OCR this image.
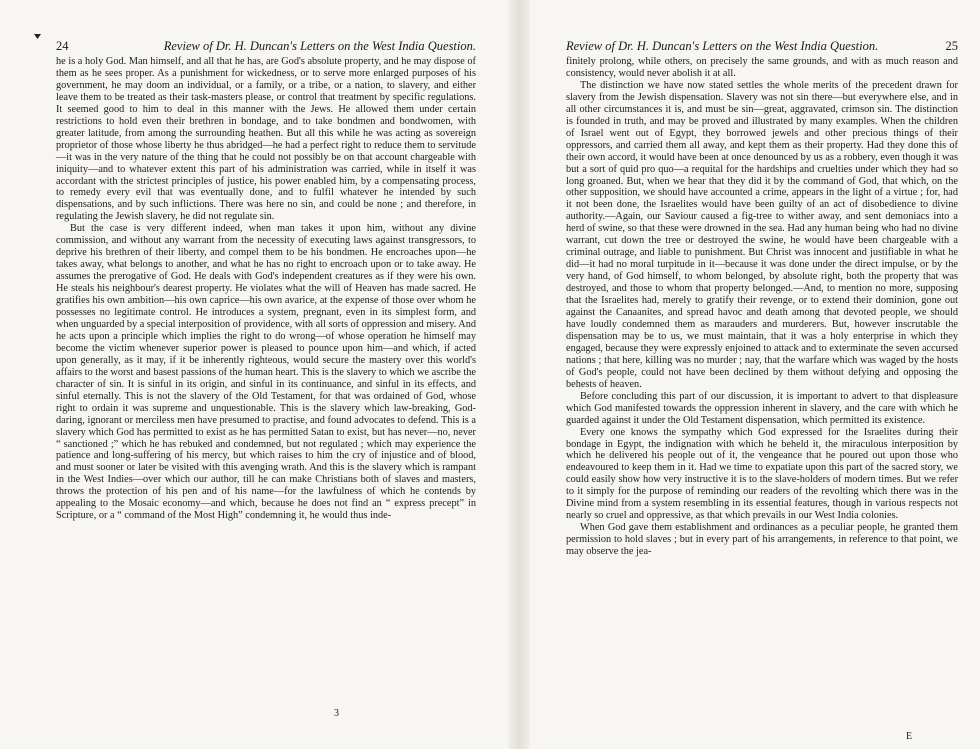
24	Review of Dr. H. Duncan's Letters on the West India Question.

he is a holy God. Man himself, and all that he has, are God's absolute property, and he may dispose of them as he sees proper. As a punishment for wickedness, or to serve more enlarged purposes of his government, he may doom an individual, or a family, or a tribe, or a nation, to slavery, and either leave them to be treated as their task-masters please, or control that treatment by specific regulations. It seemed good to him to deal in this manner with the Jews. He allowed them under certain restrictions to hold even their brethren in bondage, and to take bondmen and bondwomen, with greater latitude, from among the surrounding heathen. But all this while he was acting as sovereign proprietor of those whose liberty he thus abridged—he had a perfect right to reduce them to servitude—it was in the very nature of the thing that he could not possibly be on that account chargeable with iniquity—and to whatever extent this part of his administration was carried, while in itself it was accordant with the strictest principles of justice, his power enabled him, by a compensating process, to remedy every evil that was eventually done, and to fulfil whatever he intended by such dispensations, and by such inflictions. There was here no sin, and could be none ; and therefore, in regulating the Jewish slavery, he did not regulate sin.

But the case is very different indeed, when man takes it upon him, without any divine commission, and without any warrant from the necessity of executing laws against transgressors, to deprive his brethren of their liberty, and compel them to be his bondmen. He encroaches upon—he takes away, what belongs to another, and what he has no right to encroach upon or to take away. He assumes the prerogative of God. He deals with God's independent creatures as if they were his own. He steals his neighbour's dearest property. He violates what the will of Heaven has made sacred. He gratifies his own ambition—his own caprice—his own avarice, at the expense of those over whom he possesses no legitimate control. He introduces a system, pregnant, even in its simplest form, and when unguarded by a special interposition of providence, with all sorts of oppression and misery. And he acts upon a principle which implies the right to do wrong—of whose operation he himself may become the victim whenever superior power is pleased to pounce upon him—and which, if acted upon generally, as it may, if it be inherently righteous, would secure the mastery over this world's affairs to the worst and basest passions of the human heart. This is the slavery to which we ascribe the character of sin. It is sinful in its origin, and sinful in its continuance, and sinful in its effects, and sinful eternally. This is not the slavery of the Old Testament, for that was ordained of God, whose right to ordain it was supreme and unquestionable. This is the slavery which law-breaking, God-daring, ignorant or merciless men have presumed to practise, and found advocates to defend. This is a slavery which God has permitted to exist as he has permitted Satan to exist, but has never—no, never “ sanctioned ;” which he has rebuked and condemned, but not regulated ; which may experience the patience and long-suffering of his mercy, but which raises to him the cry of injustice and of blood, and must sooner or later be visited with this avenging wrath. And this is the slavery which is rampant in the West Indies—over which our author, till he can make Christians both of slaves and masters, throws the protection of his pen and of his name—for the lawfulness of which he contends by appealing to the Mosaic economy—and which, because he does not find an “ express precept” in Scripture, or a “ command of the Most High” condemning it, he would thus inde-

3
Review of Dr. H. Duncan's Letters on the West India Question.	25

finitely prolong, while others, on precisely the same grounds, and with as much reason and consistency, would never abolish it at all.

The distinction we have now stated settles the whole merits of the precedent drawn for slavery from the Jewish dispensation. Slavery was not sin there—but everywhere else, and in all other circumstances it is, and must be sin—great, aggravated, crimson sin. The distinction is founded in truth, and may be proved and illustrated by many examples. When the children of Israel went out of Egypt, they borrowed jewels and other precious things of their oppressors, and carried them all away, and kept them as their property. Had they done this of their own accord, it would have been at once denounced by us as a robbery, even though it was but a sort of quid pro quo—a requital for the hardships and cruelties under which they had so long groaned. But, when we hear that they did it by the command of God, that which, on the other supposition, we should have accounted a crime, appears in the light of a virtue ; for, had it not been done, the Israelites would have been guilty of an act of disobedience to divine authority.—Again, our Saviour caused a fig-tree to wither away, and sent demoniacs into a herd of swine, so that these were drowned in the sea. Had any human being who had no divine warrant, cut down the tree or destroyed the swine, he would have been chargeable with a criminal outrage, and liable to punishment. But Christ was innocent and justifiable in what he did—it had no moral turpitude in it—because it was done under the direct impulse, or by the very hand, of God himself, to whom belonged, by absolute right, both the property that was destroyed, and those to whom that property belonged.—And, to mention no more, supposing that the Israelites had, merely to gratify their revenge, or to extend their dominion, gone out against the Canaanites, and spread havoc and death among that devoted people, we should have loudly condemned them as marauders and murderers. But, however inscrutable the dispensation may be to us, we must maintain, that it was a holy enterprise in which they engaged, because they were expressly enjoined to attack and to exterminate the seven accursed nations ; that here, killing was no murder ; nay, that the warfare which was waged by the hosts of God's people, could not have been declined by them without defying and opposing the behests of heaven.

Before concluding this part of our discussion, it is important to advert to that displeasure which God manifested towards the oppression inherent in slavery, and the care with which he guarded against it under the Old Testament dispensation, which permitted its existence.

Every one knows the sympathy which God expressed for the Israelites during their bondage in Egypt, the indignation with which he beheld it, the miraculous interposition by which he delivered his people out of it, the vengeance that he poured out upon those who endeavoured to keep them in it. Had we time to expatiate upon this part of the sacred story, we could easily show how very instructive it is to the slave-holders of modern times. But we refer to it simply for the purpose of reminding our readers of the revolting which there was in the Divine mind from a system resembling in its essential features, though in various respects not nearly so cruel and oppressive, as that which prevails in our West India colonies.

When God gave them establishment and ordinances as a peculiar people, he granted them permission to hold slaves ; but in every part of his arrangements, in reference to that point, we may observe the jea-

E
